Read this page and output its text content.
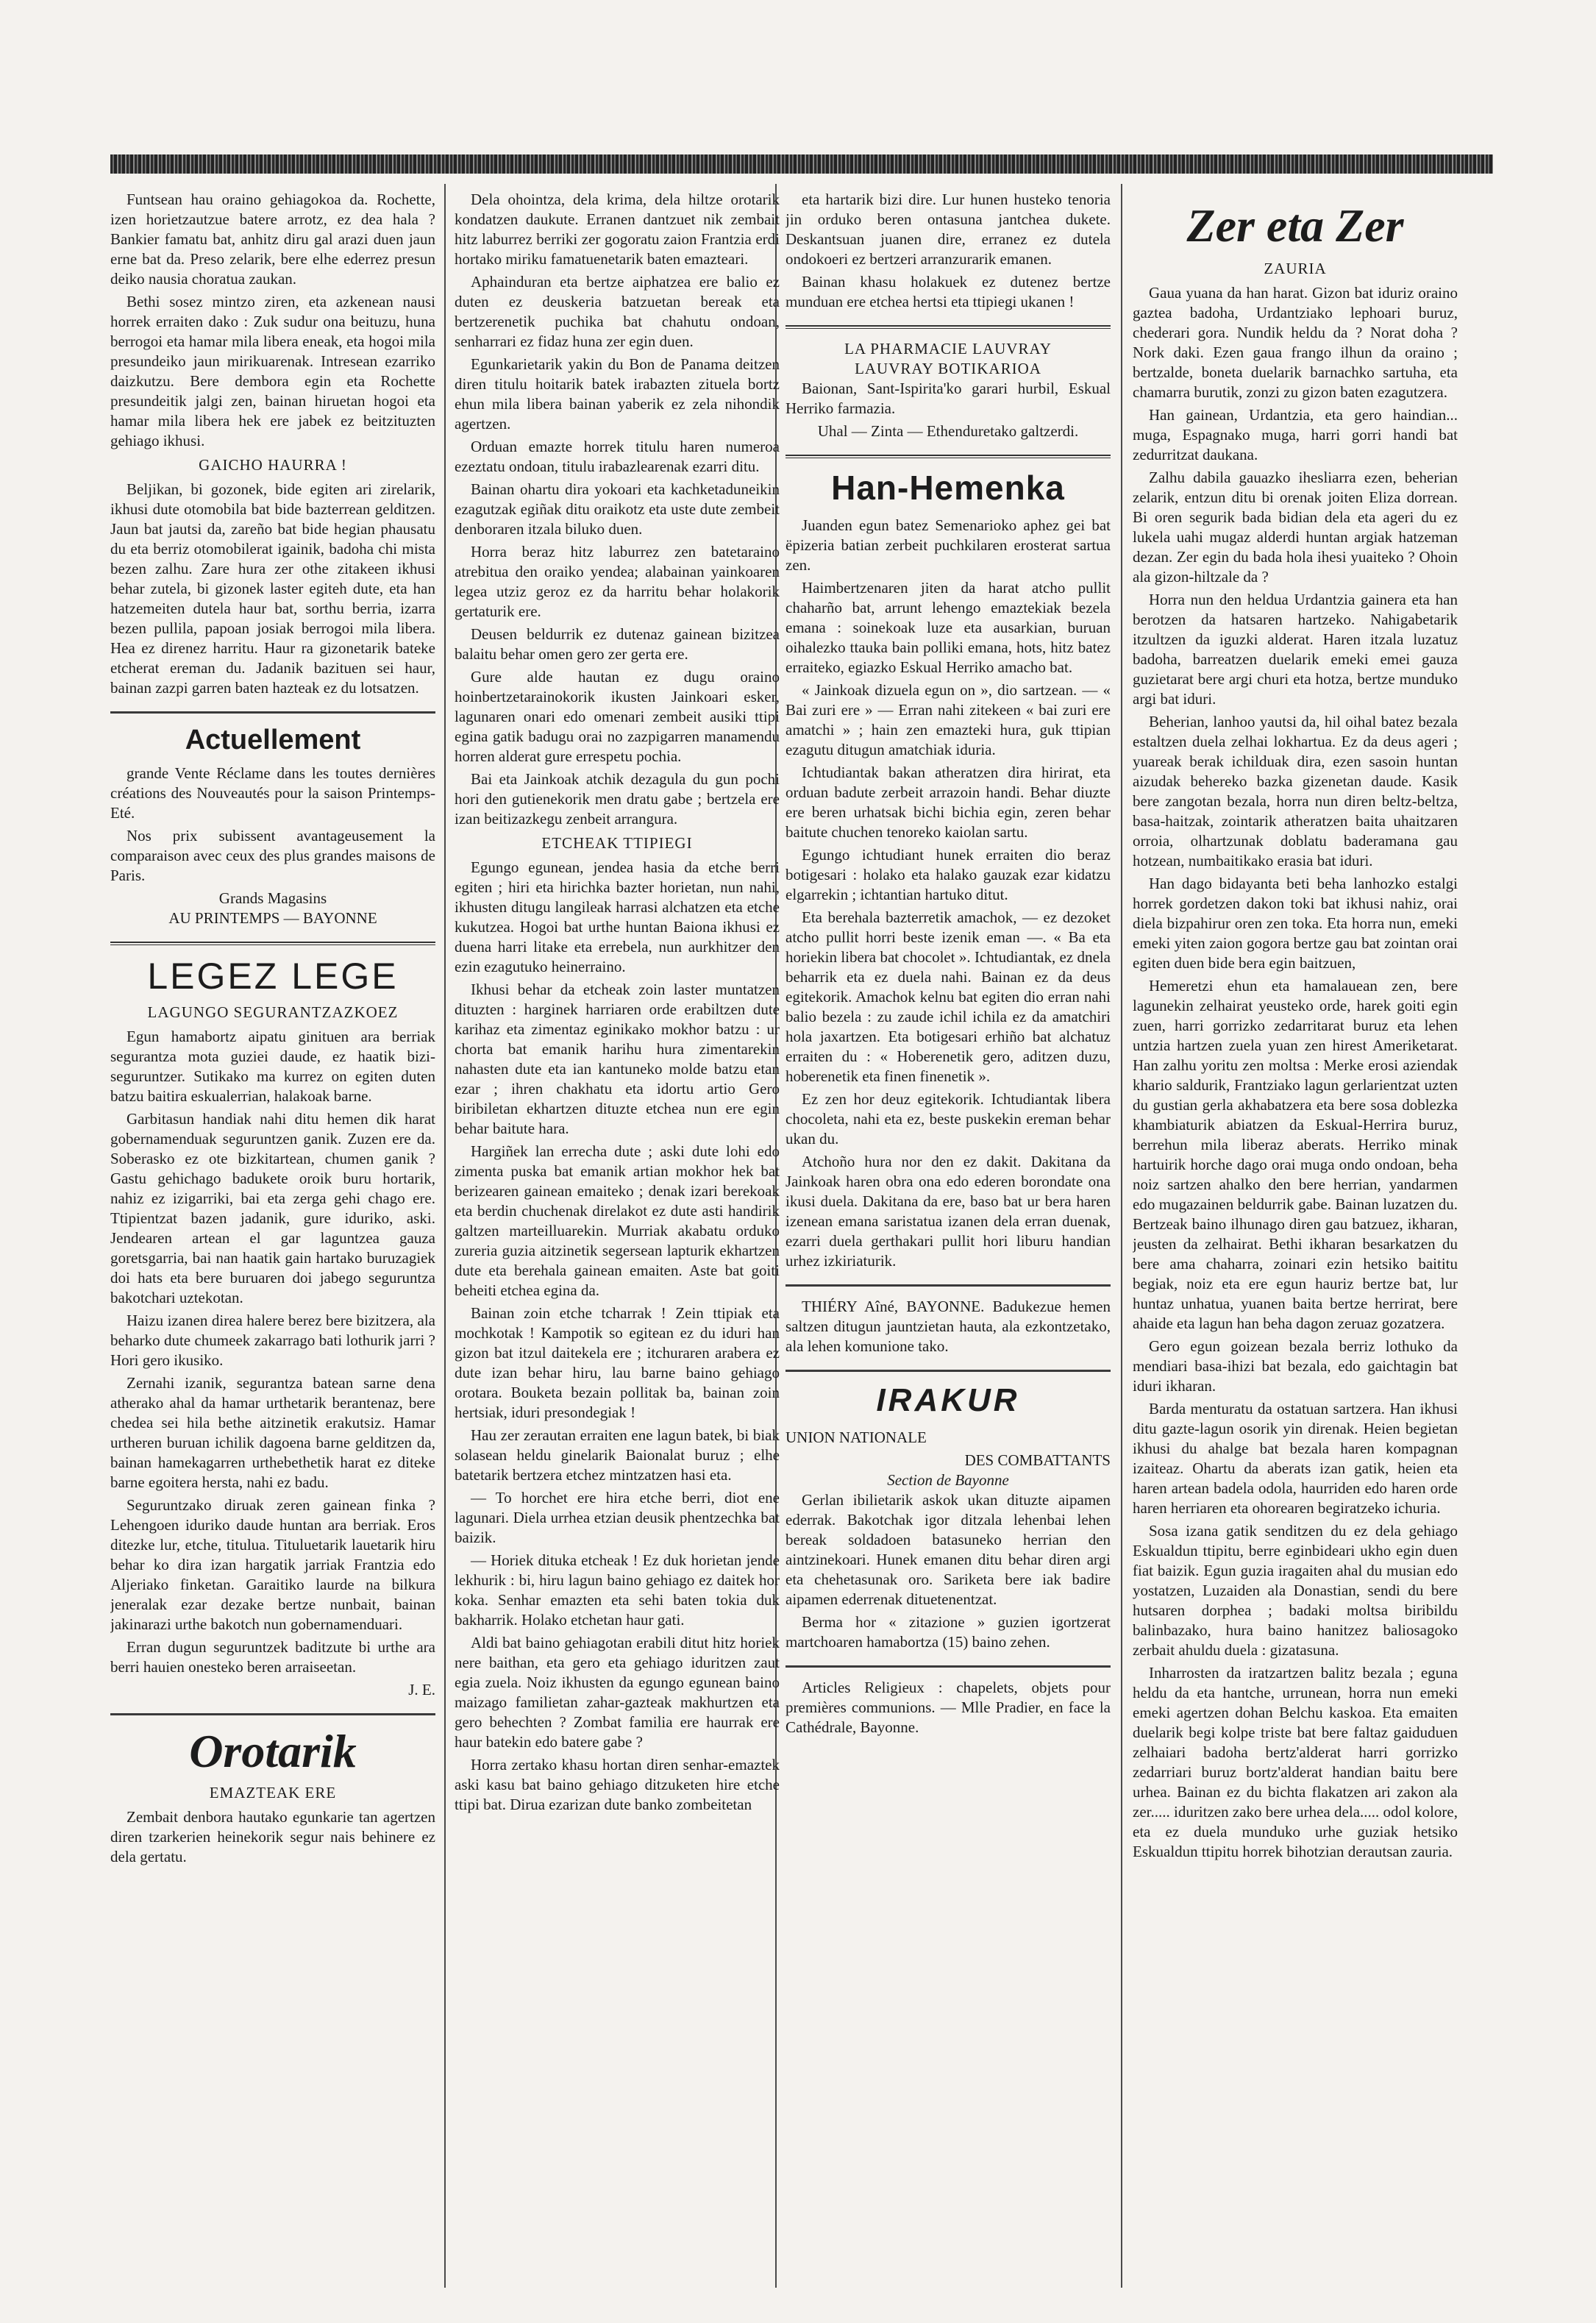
Funtsean hau oraino gehiagokoa da. Rochette, izen horietzautzue batere arrotz, ez dea hala ? Bankier famatu bat, anhitz diru gal arazi duen jaun erne bat da. Preso zelarik, bere elhe ederrez presun deiko nausia choratua zaukan.

Bethi sosez mintzo ziren, eta azkenean nausi horrek erraiten dako : Zuk sudur ona beituzu, huna berrogoi eta hamar mila libera eneak, eta hogoi mila presundeiko jaun mirikuarenak. Intresean ezarriko daizkutzu. Bere dembora egin eta Rochette presundeitik jalgi zen, bainan hiruetan hogoi eta hamar mila libera hek ere jabek ez beitzituzten gehiago ikhusi.

GAICHO HAURRA !

Beljikan, bi gozonek, bide egiten ari zirelarik, ikhusi dute otomobila bat bide bazterrean gelditzen. Jaun bat jautsi da, zareño bat bide hegian phausatu du eta berriz otomobilerat igainik, badoha chi mista bezen zalhu. Zare hura zer othe zitakeen ikhusi behar zutela, bi gizonek laster egiteh dute, eta han hatzemeiten dutela haur bat, sorthu berria, izarra bezen pullila, papoan josiak berrogoi mila libera. Hea ez direnez harritu. Haur ra gizonetarik bateke etcherat ereman du. Jadanik bazituen sei haur, bainan zazpi garren baten hazteak ez du lotsatzen.

Actuellement

grande Vente Réclame dans les toutes dernières créations des Nouveautés pour la saison Printemps-Eté.

Nos prix subissent avantageusement la comparaison avec ceux des plus grandes maisons de Paris.

Grands Magasins
AU PRINTEMPS — BAYONNE
LEGEZ LEGE
LAGUNGO SEGURANTZAZKOEZ

Egun hamabortz aipatu ginituen ara berriak segurantza mota guziei daude, ez haatik bizi-seguruntzer. Sutikako ma kurrez on egiten duten batzu baitira eskualerrian, halakoak barne.

Garbitasun handiak nahi ditu hemen dik harat gobernamenduak seguruntzen ganik. Zuzen ere da. Soberasko ez ote bizkitartean, chumen ganik ? Gastu gehichago badukete oroik buru hortarik, nahiz ez izigarriki, bai eta zerga gehi chago ere. Ttipientzat bazen jadanik, gure iduriko, aski. Jendearen artean el gar laguntzea gauza goretsgarria, bai nan haatik gain hartako buruzagiek doi hats eta bere buruaren doi jabego seguruntza bakotchari uztekotan.

Haizu izanen direa halere berez bere bizitzera, ala beharko dute chumeek zakarrago bati lothurik jarri ? Hori gero ikusiko.

Zernahi izanik, segurantza batean sarne dena atherako ahal da hamar urthetarik berantenaz, bere chedea sei hila bethe aitzinetik erakutsiz. Hamar urtheren buruan ichilik dagoena barne gelditzen da, bainan hamekagarren urthebethetik harat ez diteke barne egoitera hersta, nahi ez badu.

Seguruntzako diruak zeren gainean finka ? Lehengoen iduriko daude huntan ara berriak. Eros ditezke lur, etche, titulua. Tituluetarik lauetarik hiru behar ko dira izan hargatik jarriak Frantzia edo Aljeriako finketan. Garaitiko laurde na bilkura jeneralak ezar dezake bertze nunbait, bainan jakinarazi urthe bakotch nun gobernamenduari.

Erran dugun seguruntzek baditzute bi urthe ara berri hauien onesteko beren arraiseetan.

J. E.
Orotarik
EMAZTEAK ERE

Zembait denbora hautako egunkarie tan agertzen diren tzarkerien heinekorik segur nais behinere ez dela gertatu.

Dela ohointza, dela krima, dela hiltze orotarik kondatzen daukute. Erranen dantzuet nik zembait hitz laburrez berriki zer gogoratu zaion Frantzia erdi hortako miriku famatuenetarik baten emazteari.

Aphainduran eta bertze aiphatzea ere balio ez duten ez deuskeria batzuetan bereak eta bertzerenetik puchika bat chahutu ondoan, senharrari ez fidaz huna zer egin duen.

Egunkarietarik yakin du Bon de Panama deitzen diren titulu hoitarik batek irabazten zituela bortz ehun mila libera bainan yaberik ez zela nihondik agertzen.

Orduan emazte horrek titulu haren numeroa ezeztatu ondoan, titulu irabazlearenak ezarri ditu.

Bainan ohartu dira yokoari eta kachketaduneikin ezagutzak egiñak ditu oraikotz eta uste dute zembeit denboraren itzala biluko duen.

Horra beraz hitz laburrez zen batetaraino atrebitua den oraiko yendea; alabainan yainkoaren legea utziz geroz ez da harritu behar holakorik gertaturik ere.

Deusen beldurrik ez dutenaz gainean bizitzea balaitu behar omen gero zer gerta ere.

Gure alde hautan ez dugu oraino hoinbertzetarainokorik ikusten Jainkoari esker, lagunaren onari edo omenari zembeit ausiki ttipi egina gatik badugu orai no zazpigarren manamendu horren alderat gure errespetu pochia.

Bai eta Jainkoak atchik dezagula du gun pochi hori den gutienekorik men dratu gabe ; bertzela ere izan beitizazkegu zenbeit arrangura.

ETCHEAK TTIPIEGI

Egungo egunean, jendea hasia da etche berri egiten ; hiri eta hirichka bazter horietan, nun nahi, ikhusten ditugu langileak harrasi alchatzen eta etche kukutzea. Hogoi bat urthe huntan Baiona ikhusi ez duena harri litake eta errebela, nun aurkhitzer den ezin ezagutuko heinerraino.

Ikhusi behar da etcheak zoin laster muntatzen dituzten : harginek harriaren orde erabiltzen dute karihaz eta zimentaz eginikako mokhor batzu : ur chorta bat emanik harihu hura zimentarekin nahasten dute eta ian kantuneko molde batzu etan ezar ; ihren chakhatu eta idortu artio Gero biribiletan ekhartzen dituzte etchea nun ere egin behar baitute hara.

Hargiñek lan errecha dute ; aski dute lohi edo zimenta puska bat emanik artian mokhor hek bat berizearen gainean emaiteko ; denak izari berekoak eta berdin chuchenak direlakot ez dute asti handirik galtzen marteilluarekin. Murriak akabatu orduko zureria guzia aitzinetik segersean lapturik ekhartzen dute eta berehala gainean emaiten. Aste bat goiti beheiti etchea egina da.

Bainan zoin etche tcharrak ! Zein ttipiak eta mochkotak ! Kampotik so egitean ez du iduri han gizon bat itzul daitekela ere ; itchuraren arabera ez dute izan behar hiru, lau barne baino gehiago orotara. Bouketa bezain pollitak ba, bainan zoin hertsiak, iduri presondegiak !

Hau zer zerautan erraiten ene lagun batek, bi biak solasean heldu ginelarik Baionalat buruz ; elhe batetarik bertzera etchez mintzatzen hasi eta.

— To horchet ere hira etche berri, diot ene lagunari. Diela urrhea etzian deusik phentzechka bat baizik.

— Horiek dituka etcheak ! Ez duk horietan jende lekhurik : bi, hiru lagun baino gehiago ez daitek hor koka. Senhar emazten eta sehi baten tokia duk bakharrik. Holako etchetan haur gati.

Aldi bat baino gehiagotan erabili ditut hitz horiek nere baithan, eta gero eta gehiago iduritzen zaut egia zuela. Noiz ikhusten da egungo egunean baino maizago familietan zahar-gazteak makhurtzen eta gero behechten ? Zombat familia ere haurrak ere haur batekin edo batere gabe ?

Horra zertako khasu hortan diren senhar-emaztek aski kasu bat baino gehiago ditzuketen hire etche ttipi bat. Dirua ezarizan dute banko zombeitetan

eta hartarik bizi dire. Lur hunen husteko tenoria jin orduko beren ontasuna jantchea dukete. Deskantsuan juanen dire, erranez ez dutela ondokoeri ez bertzeri arranzurarik emanen.

Bainan khasu holakuek ez dutenez bertze munduan ere etchea hertsi eta ttipiegi ukanen !

LA PHARMACIE LAUVRAY
LAUVRAY BOTIKARIOA

Baionan, Sant-Ispirita'ko garari hurbil, Eskual Herriko farmazia.

Uhal — Zinta — Ethenduretako galtzerdi.
Han-Hemenka

Juanden egun batez Semenarioko aphez gei bat ëpizeria batian zerbeit puchkilaren erosterat sartua zen.

Haimbertzenaren jiten da harat atcho pullit chaharño bat, arrunt lehengo emaztekiak bezela emana : soinekoak luze eta ausarkian, buruan oihalezko ttauka bain polliki emana, hots, hitz batez erraiteko, egiazko Eskual Herriko amacho bat.

« Jainkoak dizuela egun on », dio sartzean. — « Bai zuri ere » — Erran nahi zitekeen « bai zuri ere amatchi » ; hain zen emazteki hura, guk ttipian ezagutu ditugun amatchiak iduria.

Ichtudiantak bakan atheratzen dira hirirat, eta orduan badute zerbeit arrazoin handi. Behar diuzte ere beren urhatsak bichi bichia egin, zeren behar baitute chuchen tenoreko kaiolan sartu.

Egungo ichtudiant hunek erraiten dio beraz botigesari : holako eta halako gauzak ezar kidatzu elgarrekin ; ichtantian hartuko ditut.

Eta berehala bazterretik amachok, — ez dezoket atcho pullit horri beste izenik eman —. « Ba eta horiekin libera bat chocolet ». Ichtudiantak, ez dnela beharrik eta ez duela nahi. Bainan ez da deus egitekorik. Amachok kelnu bat egiten dio erran nahi balio bezela : zu zaude ichil ichila ez da amatchiri hola jaxartzen. Eta botigesari erhiño bat alchatuz erraiten du : « Hoberenetik gero, aditzen duzu, hoberenetik eta finen finenetik ».

Ez zen hor deuz egitekorik. Ichtudiantak libera chocoleta, nahi eta ez, beste puskekin ereman behar ukan du.

Atchoño hura nor den ez dakit. Dakitana da Jainkoak haren obra ona edo ederen borondate ona ikusi duela. Dakitana da ere, baso bat ur bera haren izenean emana saristatua izanen dela erran duenak, ezarri duela gerthakari pullit hori liburu handian urhez izkiriaturik.

THIÉRY Aîné, BAYONNE. Badukezue hemen saltzen ditugun jauntzietan hauta, ala ezkontzetako, ala lehen komunione tako.

IRAKUR

UNION NATIONALE

DES COMBATTANTS
Section de Bayonne

Gerlan ibilietarik askok ukan dituzte aipamen ederrak. Bakotchak igor ditzala lehenbai lehen bereak soldadoen batasuneko herrian den aintzinekoari. Hunek emanen ditu behar diren argi eta chehetasunak oro. Sariketa bere iak badire aipamen ederrenak dituetenentzat.

Berma hor « zitazione » guzien igortzerat martchoaren hamabortza (15) baino zehen.

Articles Religieux : chapelets, objets pour premières communions. — Mlle Pradier, en face la Cathédrale, Bayonne.

Zer eta Zer
ZAURIA

Gaua yuana da han harat. Gizon bat iduriz oraino gaztea badoha, Urdantziako lephoari buruz, chederari gora. Nundik heldu da ? Norat doha ? Nork daki. Ezen gaua frango ilhun da oraino ; bertzalde, boneta duelarik barnachko sartuha, eta chamarra burutik, zonzi zu gizon baten ezagutzera.

Han gainean, Urdantzia, eta gero haindian... muga, Espagnako muga, harri gorri handi bat zedurritzat daukana.

Zalhu dabila gauazko ihesliarra ezen, beherian zelarik, entzun ditu bi orenak joiten Eliza dorrean. Bi oren segurik bada bidian dela eta ageri du ez lukela uahi mugaz alderdi huntan argiak hatzeman dezan. Zer egin du bada hola ihesi yuaiteko ? Ohoin ala gizon-hiltzale da ?

Horra nun den heldua Urdantzia gainera eta han berotzen da hatsaren hartzeko. Nahigabetarik itzultzen da iguzki alderat. Haren itzala luzatuz badoha, barreatzen duelarik emeki emei gauza guzietarat bere argi churi eta hotza, bertze munduko argi bat iduri.

Beherian, lanhoo yautsi da, hil oihal batez bezala estaltzen duela zelhai lokhartua. Ez da deus ageri ; yuareak berak ichilduak dira, ezen sasoin huntan aizudak behereko bazka gizenetan daude. Kasik bere zangotan bezala, horra nun diren beltz-beltza, basa-haitzak, zointarik atheratzen baita uhaitzaren orroia, olhartzunak doblatu baderamana gau hotzean, numbaitikako erasia bat iduri.

Han dago bidayanta beti beha lanhozko estalgi horrek gordetzen dakon toki bat ikhusi nahiz, orai diela bizpahirur oren zen toka. Eta horra nun, emeki emeki yiten zaion gogora bertze gau bat zointan orai egiten duen bide bera egin baitzuen,

Hemeretzi ehun eta hamalauean zen, bere lagunekin zelhairat yeusteko orde, harek goiti egin zuen, harri gorrizko zedarritarat buruz eta lehen untzia hartzen zuela yuan zen hirest Ameriketarat. Han zalhu yoritu zen moltsa : Merke erosi aziendak khario saldurik, Frantziako lagun gerlarientzat uzten du gustian gerla akhabatzera eta bere sosa doblezka khambiaturik abiatzen da Eskual-Herrira buruz, berrehun mila liberaz aberats. Herriko minak hartuirik horche dago orai muga ondo ondoan, beha noiz sartzen ahalko den bere herrian, yandarmen edo mugazainen beldurrik gabe. Bainan luzatzen du. Bertzeak baino ilhunago diren gau batzuez, ikharan, jeusten da zelhairat. Bethi ikharan besarkatzen du bere ama chaharra, zoinari ezin hetsiko baititu begiak, noiz eta ere egun hauriz bertze bat, lur huntaz unhatua, yuanen baita bertze herrirat, bere ahaide eta lagun han beha dagon zeruaz gozatzera.

Gero egun goizean bezala berriz lothuko da mendiari basa-ihizi bat bezala, edo gaichtagin bat iduri ikharan.

Barda menturatu da ostatuan sartzera. Han ikhusi ditu gazte-lagun osorik yin direnak. Heien begietan ikhusi du ahalge bat bezala haren kompagnan izaiteaz. Ohartu da aberats izan gatik, heien eta haren artean badela odola, haurriden edo haren orde haren herriaren eta ohorearen begiratzeko ichuria.

Sosa izana gatik senditzen du ez dela gehiago Eskualdun ttipitu, berre eginbideari ukho egin duen fiat baizik. Egun guzia iragaiten ahal du musian edo yostatzen, Luzaiden ala Donastian, sendi du bere hutsaren dorphea ; badaki moltsa biribildu balinbazako, hura baino hanitzez baliosagoko zerbait ahuldu duela : gizatasuna.

Inharrosten da iratzartzen balitz bezala ; eguna heldu da eta hantche, urrunean, horra nun emeki emeki agertzen dohan Belchu kaskoa. Eta emaiten duelarik begi kolpe triste bat bere faltaz gaiduduen zelhaiari badoha bertz'alderat harri gorrizko zedarriari buruz bortz'alderat handian baitu bere urhea. Bainan ez du bichta flakatzen ari zakon ala zer..... iduritzen zako bere urhea dela..... odol kolore, eta ez duela munduko urhe guziak hetsiko Eskualdun ttipitu horrek bihotzian derautsan zauria.
